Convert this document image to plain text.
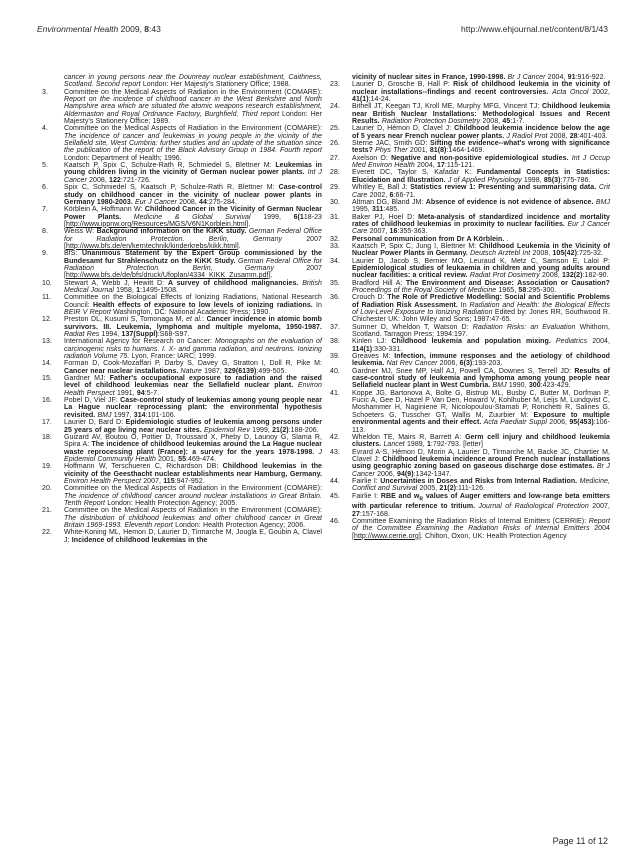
Environmental Health 2009, 8:43	http://www.ehjournal.net/content/8/1/43
cancer in young persons near the Dounreay nuclear establishment, Caithness, Scotland. Second report London: Her Majesty's Stationery Office; 1988.
3. Committee on the Medical Aspects of Radiation in the Environment (COMARE): Report on the incidence of childhood cancer in the West Berkshire and North Hampshire area which are situated the atomic weapons research establishment, Aldermaston and Royal Ordnance Factory, Burghfield. Third report London: Her Majesty's Stationery Office; 1989.
4. Committee on the Medical Aspects of Radiation in the Environment (COMARE): The incidence of cancer and leukemias in young people in the vicinity of the Sellafield site, West Cumbria: further studies and an update of the situation since the publication of the report of the Black Advisory Group in 1984. Fourth report London: Department of Health; 1996.
5. Kaatsch P, Spix C, Schulze-Rath R, Schmiedel S, Blettner M: Leukemias in young children living in the vicinity of German nuclear power plants. Int J Cancer 2008, 122:721-726.
6. Spix C, Schmiedel S, Kaatsch P, Schulze-Rath R, Blettner M: Case-control study on childhood cancer in the vicinity of nuclear power plants in Germany 1980-2003. Eur J Cancer 2008, 44:275-284.
7. Körblein A, Hoffmann W: Childhood Cancer in the Vicinity of German Nuclear Power Plants. Medicine & Global Survival 1999, 6(118-23 [http://www.ippnw.org/Resources/MGS/V6N1Korblein.html].
8. Weiss W: Background information on the KiKK study. German Federal Office for Radiation Protection. Berlin, Germany 2007 [http://www.bfs.de/en/kerntechnik/kinderkrebs/kikk.html].
9. BfS: Unanimous Statement by the Expert Group commissioned by the Bundesamt fur Strahlenschutz on the KiKK Study. German Federal Office for Radiation Protection. Berlin, Germany 2007 [http://www.bfs.de/de/bfs/druck/Ufoplan/4334_KIKK_Zusamm.pdf].
10. Stewart A, Webb J, Hewitt D: A survey of childhood malignancies. British Medical Journal 1958, 1:1495-1508.
11. Committee on the Biological Effects of Ionizing Radiations, National Research Council: Health effects of exposure to low levels of ionizing radiations. In BEIR V Report Washington, DC: National Academic Press; 1990.
12. Preston DL, Kusumi S, Tomonaga M, et al.: Cancer incidence in atomic bomb survivors. III. Leukemia, lymphoma and multiple myeloma, 1950-1987. Radiat Res 1994, 137(Suppl):S68-S97.
13. International Agency for Research on Cancer: Monographs on the evaluation of carcinogenic risks to humans. I. X- and gamma radiation, and neutrons. Ionizing radiation Volume 75. Lyon, France: IARC; 1999.
14. Forman D, Cook-Mozaffari P, Darby S, Davey G, Stratton I, Doll R, Pike M: Cancer near nuclear installations. Nature 1987, 329(6139):499-505.
15. Gardner MJ: Father's occupational exposure to radiation and the raised level of childhood leukemias near the Sellafield nuclear plant. Environ Health Perspect 1991, 94:5-7.
16. Pobel D, Viel JF: Case-control study of leukemias among young people near La Hague nuclear reprocessing plant: the environmental hypothesis revisited. BMJ 1997, 314:101-106.
17. Laurier D, Bard D: Epidemiologic studies of leukemia among persons under 25 years of age living near nuclear sites. Epidemiol Rev 1999, 21(2):188-206.
18. Guizard AV, Boutou O, Pottier D, Troussard X, Pheby D, Launoy G, Slama R, Spira A: The incidence of childhood leukemias around the La Hague nuclear waste reprocessing plant (France): a survey for the years 1978-1998. J Epidemiol Community Health 2001, 55:469-474.
19. Hoffmann W, Terschueren C, Richardson DB: Childhood leukemias in the vicinity of the Geesthacht nuclear establishments near Hamburg, Germany. Environ Health Perspect 2007, 115:947-952.
20. Committee on the Medical Aspects of Radiation in the Environment (COMARE): The incidence of childhood cancer around nuclear installations in Great Britain. Tenth Report London: Health Protection Agency; 2005.
21. Committee on the Medical Aspects of Radiation in the Environment (COMARE): The distribution of childhood leukemias and other childhood cancer in Great Britain 1969-1993. Eleventh report London: Health Protection Agency; 2006.
22. White-Koning ML, Hemon D, Laurier D, Tirmarche M, Jougla E, Goubin A, Clavel J: Incidence of childhood leukemias in the
vicinity of nuclear sites in France, 1990-1998. Br J Cancer 2004, 91:916-922.
23. Laurier D, Grosche B, Hall P: Risk of childhood leukemia in the vicinity of nuclear installations--findings and recent controversies. Acta Oncol 2002, 41(1):14-24.
24. Bithell JT, Keegan TJ, Kroll ME, Murphy MFG, Vincent TJ: Childhood leukemia near British Nuclear Installations: Methodological Issues and Recent Results. Radiation Protection Dosimetry 2008, 45:1-7.
25. Laurier D, Hémon D, Clavel J: Childhood leukemia incidence below the age of 5 years near French nuclear power plants. J Radiol Prot 2008, 28:401-403.
26. Sterne JAC, Smith GD: Sifting the evidence--what's wrong with significance tests? Phys Ther 2001, 81(8):1464-1469.
27. Axelson O: Negative and non-positive epidemiological studies. Int J Occup Med Environ Health 2004, 17:115-121.
28. Everett DC, Taylor S, Kafadar K: Fundamental Concepts in Statistics: Elucidation and Illustration. J of Applied Physiology 1998, 85(3):775-786.
29. Whitley E, Ball J: Statistics review 1: Presenting and summarising data. Crit Care 2002, 6:66-71.
30. Altman DG, Bland JM: Absence of evidence is not evidence of absence. BMJ 1995, 311:485.
31. Baker PJ, Hoel D: Meta-analysis of standardized incidence and mortality rates of childhood leukemias in proximity to nuclear facilities. Eur J Cancer Care 2007, 16:355-363.
32. Personal communication from Dr A Körblein. .
33. Kaatsch P, Spix C, Jung I, Blettner M: Childhood Leukemia in the Vicinity of Nuclear Power Plants in Germany. Deutsch Arztebl Int 2008, 105(42):725-32.
34. Laurier D, Jacob S, Bernier MO, Leuraud K, Metz C, Samson E, Laloi P: Epidemiological studies of leukaemia in children and young adults around nuclear facilities: a critical review. Radiat Prot Dosimetry 2008, 132(2):182-90.
35. Bradford Hill A: The Environment and Disease: Association or Causation? Proceedings of the Royal Society of Medicine 1965, 58:295-300.
36. Crouch D: The Role of Predictive Modelling: Social and Scientific Problems of Radiation Risk Assessment. In Radiation and Health: the Biological Effects of Low-Level Exposure to Ionizing Radiation Edited by: Jones RR, Southwood R. Chichester UK: John Wiley and Sons; 1987:47-65.
37. Sumner D, Wheldon T, Watson D: Radiation Risks: an Evaluation Whithorn, Scotland. Tarragon Press; 1994:197.
38. Kinlen LJ: Childhood leukemia and population mixing. Pediatrics 2004, 114(1):330-331.
39. Greaves M: Infection, immune responses and the aetiology of childhood leukemia. Nat Rev Cancer 2006, 6(3):193-203.
40. Gardner MJ, Snee MP, Hall AJ, Powell CA, Downes S, Terrell JD: Results of case-control study of leukemia and lymphoma among young people near Sellafield nuclear plant in West Cumbria. BMJ 1990, 300:423-429.
41. Koppe JG, Bartonova A, Bolte G, Bistrup ML, Busby C, Butter M, Dorfman P, Fucic A, Gee D, Hazel P Van Den, Howard V, Kohlhuber M, Leijs M, Lundqvist C, Moshammer H, Naginiene R, Nicolopoulou-Stamati P, Ronchetti R, Salines G, Schoeters G, Tusscher GT, Wallis M, Zuurbier M: Exposure to multiple environmental agents and their effect. Acta Paediatr Suppl 2006, 95(453):106-113.
42. Wheldon TE, Mairs R, Barrett A: Germ cell injury and childhood leukemia clusters. Lancet 1989, 1:792-793. [letter]
43. Evrard A-S, Hémon D, Morin A, Laurier D, Tirmarche M, Backe JC, Chartier M, Clavel J: Childhood leukemia incidence around French nuclear installations using geographic zoning based on gaseous discharge dose estimates. Br J Cancer 2006, 94(9):1342-1347.
44. Fairlie I: Uncertainties in Doses and Risks from Internal Radiation. Medicine, Conflict and Survival 2005, 21(2):111-126.
45. Fairlie I: RBE and $w_R$ values of Auger emitters and low-range beta emitters with particular reference to tritium. Journal of Radiological Protection 2007, 27:157-168.
46. Committee Examining the Radiation Risks of Internal Emitters (CERRIE): Report of the Committee Examining the Radiation Risks of Internal Emitters 2004 [http://www.cerrie.org]. Chilton, Oxon, UK: Health Protection Agency
Page 11 of 12
